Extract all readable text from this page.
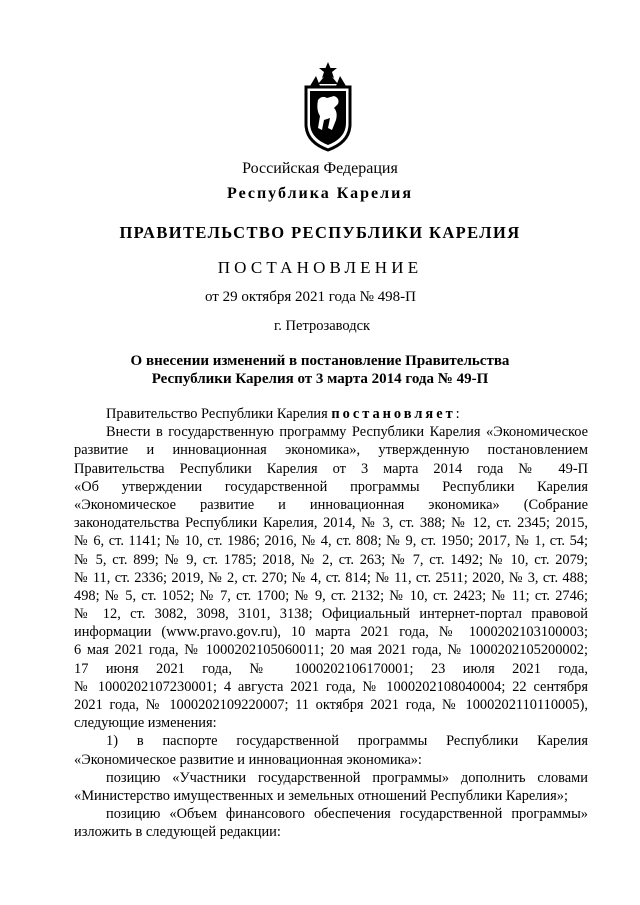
Российская Федерация
Республика Карелия
ПРАВИТЕЛЬСТВО РЕСПУБЛИКИ КАРЕЛИЯ
ПОСТАНОВЛЕНИЕ
от 29 октября 2021 года № 498-П
г. Петрозаводск
О внесении изменений в постановление Правительства
Республики Карелия от 3 марта 2014 года № 49-П
Правительство Республики Карелия постановляет:
Внести в государственную программу Республики Карелия «Экономическое
развитие и инновационная экономика», утвержденную постановлением
Правительства Республики Карелия от 3 марта 2014 года № 49-П
«Об утверждении государственной программы Республики Карелия
«Экономическое развитие и инновационная экономика» (Собрание
законодательства Республики Карелия, 2014, № 3, ст. 388; № 12, ст. 2345; 2015,
№ 6, ст. 1141; № 10, ст. 1986; 2016, № 4, ст. 808; № 9, ст. 1950; 2017, № 1, ст. 54;
№ 5, ст. 899; № 9, ст. 1785; 2018, № 2, ст. 263; № 7, ст. 1492; № 10, ст. 2079;
№ 11, ст. 2336; 2019, № 2, ст. 270; № 4, ст. 814; № 11, ст. 2511; 2020, № 3, ст. 488;
498; № 5, ст. 1052; № 7, ст. 1700; № 9, ст. 2132; № 10, ст. 2423; № 11; ст. 2746;
№ 12, ст. 3082, 3098, 3101, 3138; Официальный интернет-портал правовой
информации (www.pravo.gov.ru), 10 марта 2021 года, № 1000202103100003;
6 мая 2021 года, № 1000202105060011; 20 мая 2021 года, № 1000202105200002;
17 июня 2021 года, № 1000202106170001; 23 июля 2021 года,
№ 1000202107230001; 4 августа 2021 года, № 1000202108040004; 22 сентября
2021 года, № 1000202109220007; 11 октября 2021 года, № 1000202110110005),
следующие изменения:
1) в паспорте государственной программы Республики Карелия
«Экономическое развитие и инновационная экономика»:
позицию «Участники государственной программы» дополнить словами
«Министерство имущественных и земельных отношений Республики Карелия»;
позицию «Объем финансового обеспечения государственной программы»
изложить в следующей редакции:
